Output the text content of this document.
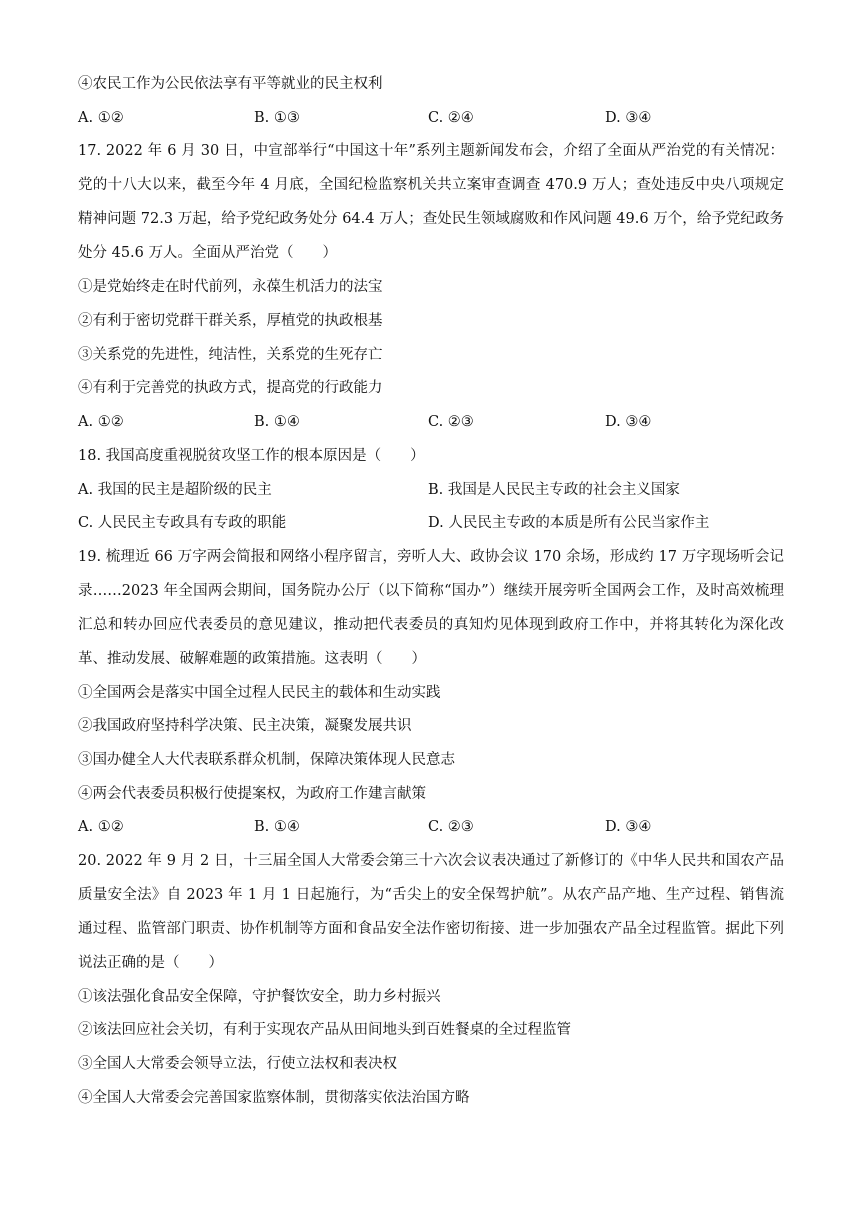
④农民工作为公民依法享有平等就业的民主权利
A. ①②	B. ①③	C. ②④	D. ③④
17. 2022 年 6 月 30 日，中宣部举行“中国这十年”系列主题新闻发布会，介绍了全面从严治党的有关情况：党的十八大以来，截至今年 4 月底，全国纪检监察机关共立案审查调查 470.9 万人；查处违反中央八项规定精神问题 72.3 万起，给予党纪政务处分 64.4 万人；查处民生领域腐败和作风问题 49.6 万个，给予党纪政务处分 45.6 万人。全面从严治党（　　）
①是党始终走在时代前列，永葆生机活力的法宝
②有利于密切党群干群关系，厚植党的执政根基
③关系党的先进性，纯洁性，关系党的生死存亡
④有利于完善党的执政方式，提高党的行政能力
A. ①②	B. ①④	C. ②③	D. ③④
18. 我国高度重视脱贫攻坚工作的根本原因是（　　）
A. 我国的民主是超阶级的民主	B. 我国是人民民主专政的社会主义国家
C. 人民民主专政具有专政的职能	D. 人民民主专政的本质是所有公民当家作主
19. 梳理近 66 万字两会简报和网络小程序留言，旁听人大、政协会议 170 余场，形成约 17 万字现场听会记录……2023 年全国两会期间，国务院办公厅（以下简称“国办”）继续开展旁听全国两会工作，及时高效梳理汇总和转办回应代表委员的意见建议，推动把代表委员的真知灼见体现到政府工作中，并将其转化为深化改革、推动发展、破解难题的政策措施。这表明（　　）
①全国两会是落实中国全过程人民民主的载体和生动实践
②我国政府坚持科学决策、民主决策，凝聚发展共识
③国办健全人大代表联系群众机制，保障决策体现人民意志
④两会代表委员积极行使提案权，为政府工作建言献策
A. ①②	B. ①④	C. ②③	D. ③④
20. 2022 年 9 月 2 日，十三届全国人大常委会第三十六次会议表决通过了新修订的《中华人民共和国农产品质量安全法》自 2023 年 1 月 1 日起施行，为“舌尖上的安全保驾护航”。从农产品产地、生产过程、销售流通过程、监管部门职责、协作机制等方面和食品安全法作密切衔接、进一步加强农产品全过程监管。据此下列说法正确的是（　　）
①该法强化食品安全保障，守护餐饮安全，助力乡村振兴
②该法回应社会关切，有利于实现农产品从田间地头到百姓餐桌的全过程监管
③全国人大常委会领导立法，行使立法权和表决权
④全国人大常委会完善国家监察体制，贯彻落实依法治国方略
